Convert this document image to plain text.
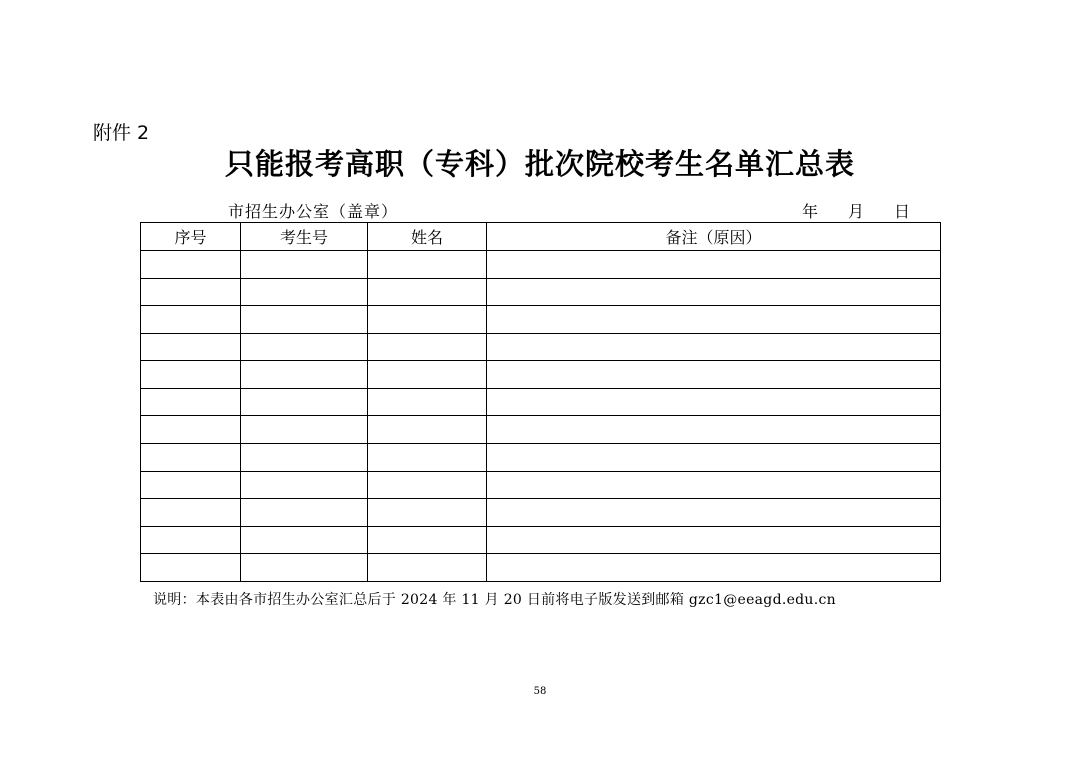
附件 2
只能报考高职（专科）批次院校考生名单汇总表
市招生办公室（盖章）	年 月 日
序号	考生号	姓名	备注（原因）

说明：本表由各市招生办公室汇总后于 2024 年 11 月 20 日前将电子版发送到邮箱 gzc1@eeagd.edu.cn
58
